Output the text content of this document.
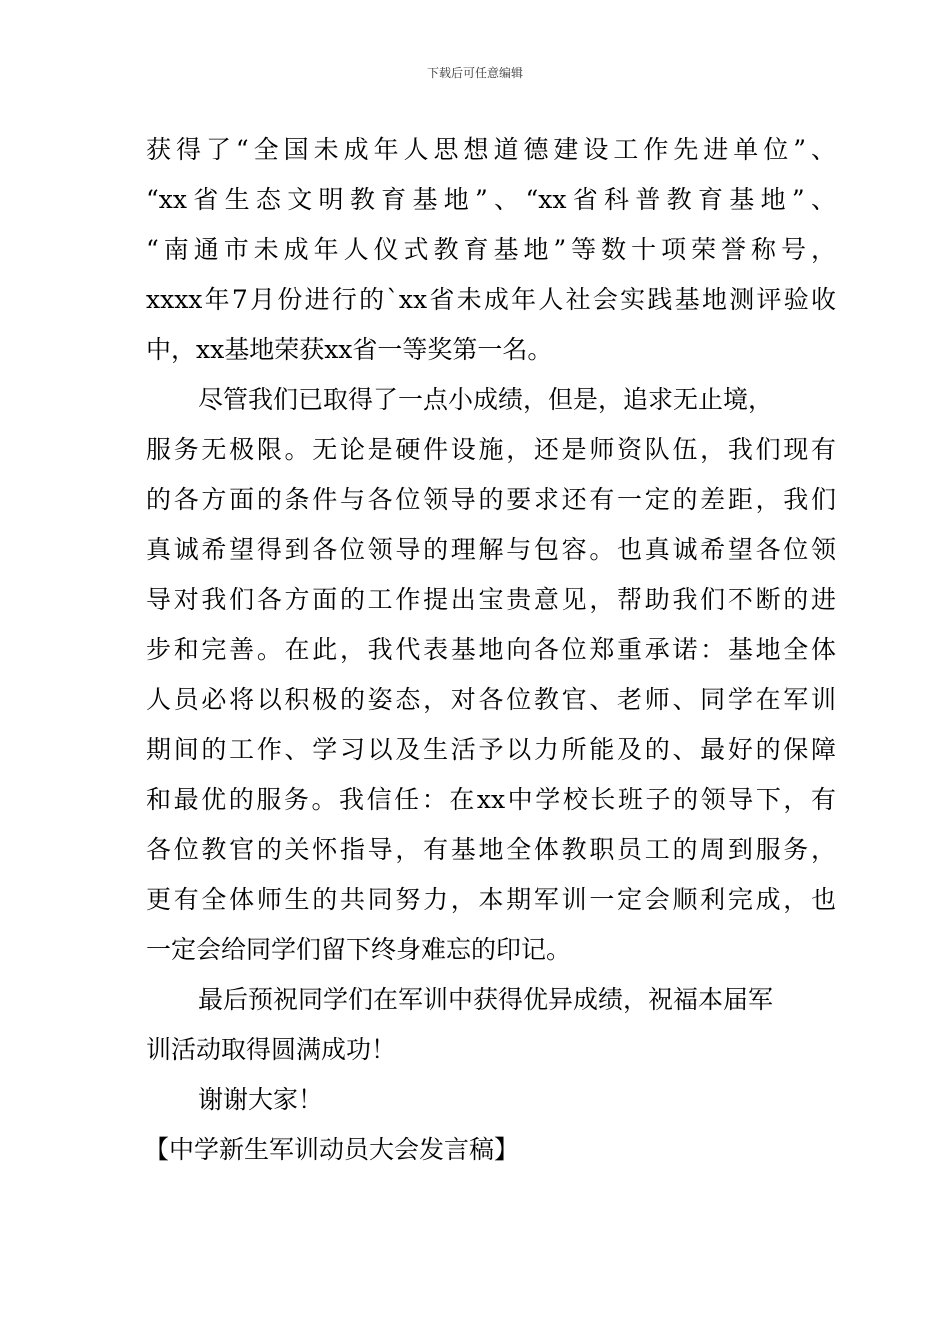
下载后可任意编辑
获得了“全国未成年人思想道德建设工作先进单位”、
“xx省生态文明教育基地”、“xx省科普教育基地”、
“南通市未成年人仪式教育基地”等数十项荣誉称号，
xxxx年7月份进行的`xx省未成年人社会实践基地测评验收
中，xx基地荣获xx省一等奖第一名。
尽管我们已取得了一点小成绩，但是，追求无止境，
服务无极限。无论是硬件设施，还是师资队伍，我们现有
的各方面的条件与各位领导的要求还有一定的差距，我们
真诚希望得到各位领导的理解与包容。也真诚希望各位领
导对我们各方面的工作提出宝贵意见，帮助我们不断的进
步和完善。在此，我代表基地向各位郑重承诺：基地全体
人员必将以积极的姿态，对各位教官、老师、同学在军训
期间的工作、学习以及生活予以力所能及的、最好的保障
和最优的服务。我信任：在xx中学校长班子的领导下，有
各位教官的关怀指导，有基地全体教职员工的周到服务，
更有全体师生的共同努力，本期军训一定会顺利完成，也
一定会给同学们留下终身难忘的印记。
最后预祝同学们在军训中获得优异成绩，祝福本届军
训活动取得圆满成功！
谢谢大家！
【中学新生军训动员大会发言稿】
